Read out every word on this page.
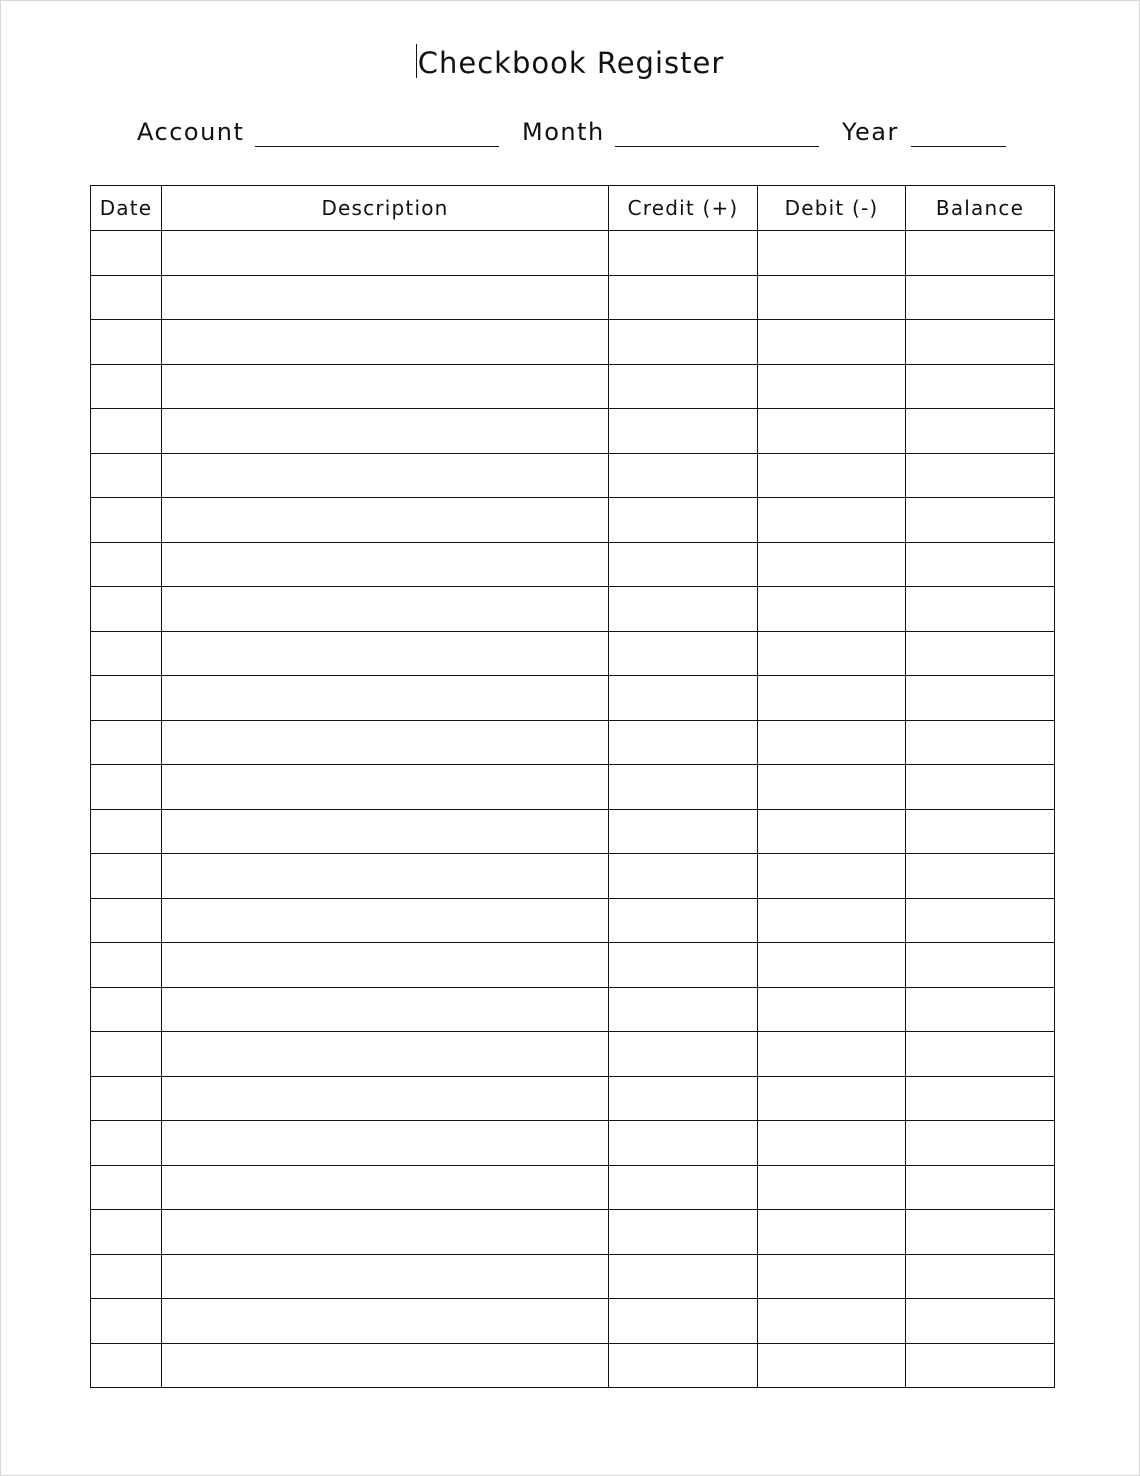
Checkbook Register
Account	Month	Year
Date	Description	Credit (+)	Debit (-)	Balance
